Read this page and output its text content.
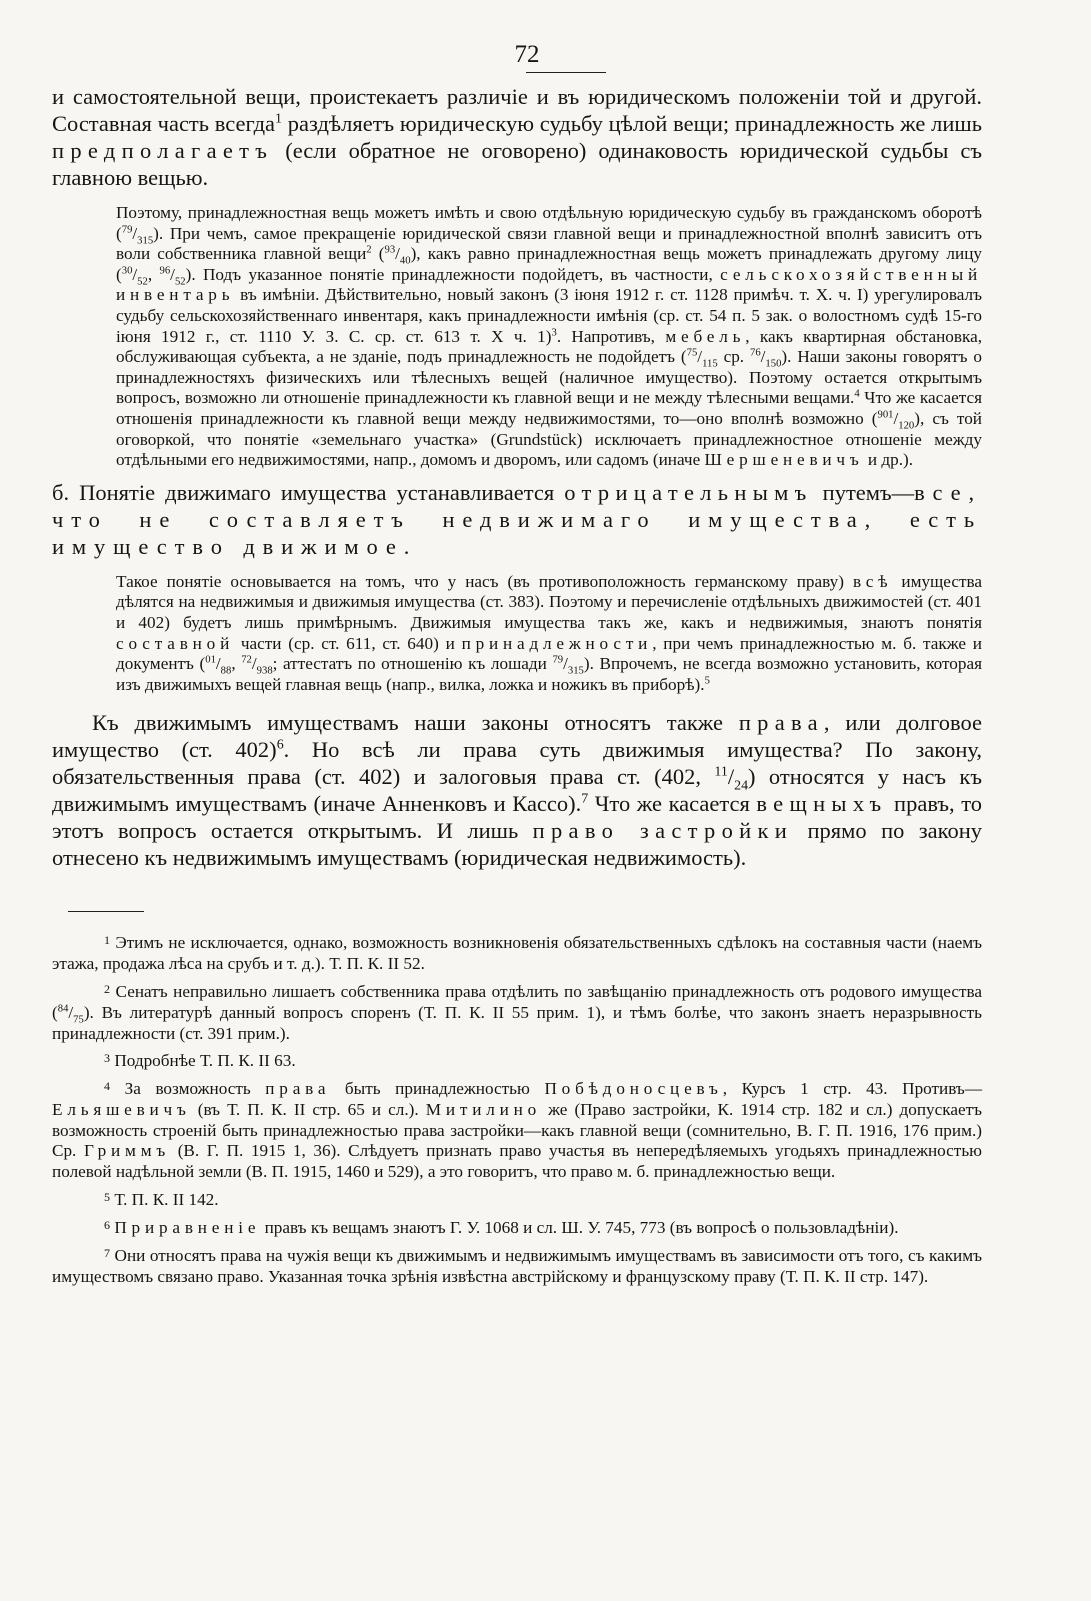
72

и самостоятельной вещи, проистекаетъ различіе и въ юридическомъ положеніи той и другой. Составная часть всегда$^1$ раздѣляетъ юридическую судьбу цѣлой вещи; принадлежность же лишь предполагаетъ (если обратное не оговорено) одинаковость юридической судьбы съ главною вещью.

Поэтому, принадлежностная вещь можетъ имѣть и свою отдѣльную юридическую судьбу въ гражданскомъ оборотѣ $(^{79}/_{315})$. При чемъ, самое прекращеніе юридической связи главной вещи и принадлежностной вполнѣ зависитъ отъ воли собственника главной вещи$^2$ $(^{93}/_{40})$, какъ равно принадлежностная вещь можетъ принадлежать другому лицу ($^{30}/_{52}$, $^{96}/_{52}$). Подъ указанное понятіе принадлежности подойдетъ, въ частности, сельскохозяйственный инвентарь въ имѣніи. Дѣйствительно, новый законъ (3 іюня 1912 г. ст. 1128 примѣч. т. X. ч. I) урегулировалъ судьбу сельскохозяйственнаго инвентаря, какъ принадлежности имѣнія (ср. ст. 54 п. 5 зак. о волостномъ судѣ 15-го іюня 1912 г., ст. 1110 У. З. С. ср. ст. 613 т. X ч. 1)$^3$. Напротивъ, мебель, какъ квартирная обстановка, обслуживающая субъекта, а не зданіе, подъ принадлежность не подойдетъ ($^{75}/_{115}$ ср. $^{76}/_{150}$). Наши законы говорятъ о принадлежностяхъ физическихъ или тѣлесныхъ вещей (наличное имущество). Поэтому остается открытымъ вопросъ, возможно ли отношеніе принадлежности къ главной вещи и не между тѣлесными вещами.$^4$ Что же касается отношенія принадлежности къ главной вещи между недвижимостями, то—оно вполнѣ возможно $(^{901}/_{120})$, съ той оговоркой, что понятіе «земельнаго участка» (Grundstück) исключаетъ принадлежностное отношеніе между отдѣльными его недвижимостями, напр., домомъ и дворомъ, или садомъ (иначе Шершеневичъ и др.).

б. Понятіе движимаго имущества устанавливается отрицательнымъ путемъ—все, что не составляетъ недвижимаго имущества, есть имущество движимое.

Такое понятіе основывается на томъ, что у насъ (въ противоположность германскому праву) всѣ имущества дѣлятся на недвижимыя и движимыя имущества (ст. 383). Поэтому и перечисленіе отдѣльныхъ движимостей (ст. 401 и 402) будетъ лишь примѣрнымъ. Движимыя имущества такъ же, какъ и недвижимыя, знаютъ понятія составной части (ср. ст. 611, ст. 640) и принадлежности, при чемъ принадлежностью м. б. также и документъ ($^{01}/_{88}$, $^{72}/_{938}$; аттестатъ по отношенію къ лошади $^{79}/_{315}$). Впрочемъ, не всегда возможно установить, которая изъ движимыхъ вещей главная вещь (напр., вилка, ложка и ножикъ въ приборѣ).$^5$

Къ движимымъ имуществамъ наши законы относятъ также права, или долговое имущество (ст. 402)$^6$. Но всѣ ли права суть движимыя имущества? По закону, обязательственныя права (ст. 402) и залоговыя права ст. (402, $^{11}/_{24}$) относятся у насъ къ движимымъ имуществамъ (иначе Анненковъ и Кассо).$^7$ Что же касается вещныхъ правъ, то этотъ вопросъ остается открытымъ. И лишь право застройки прямо по закону отнесено къ недвижимымъ имуществамъ (юридическая недвижимость).

$^1$ Этимъ не исключается, однако, возможность возникновенія обязательственныхъ сдѣлокъ на составныя части (наемъ этажа, продажа лѣса на срубъ и т. д.). Т. П. К. II 52.

$^2$ Сенатъ неправильно лишаетъ собственника права отдѣлить по завѣщанію принадлежность отъ родового имущества $(^{84}/_{75})$. Въ литературѣ данный вопросъ споренъ (Т. П. К. II 55 прим. 1), и тѣмъ болѣе, что законъ знаетъ неразрывность принадлежности (ст. 391 прим.).

$^3$ Подробнѣе Т. П. К. II 63.

$^4$ За возможность права быть принадлежностью Побѣдоносцевъ, Курсъ 1 стр. 43. Противъ—Ельяшевичъ (въ Т. П. К. II стр. 65 и сл.). Митилино же (Право застройки, К. 1914 стр. 182 и сл.) допускаетъ возможность строеній быть принадлежностью права застройки—какъ главной вещи (сомнительно, В. Г. П. 1916, 176 прим.) Ср. Гриммъ (В. Г. П. 1915 1, 36). Слѣдуетъ признать право участья въ непередѣляемыхъ угодьяхъ принадлежностью полевой надѣльной земли (В. П. 1915, 1460 и 529), а это говоритъ, что право м. б. принадлежностью вещи.

$^5$ Т. П. К. II 142.

$^6$ Приравненіе правъ къ вещамъ знаютъ Г. У. 1068 и сл. Ш. У. 745, 773 (въ вопросѣ о пользовладѣніи).

$^7$ Они относятъ права на чужія вещи къ движимымъ и недвижимымъ имуществамъ въ зависимости отъ того, съ какимъ имуществомъ связано право. Указанная точка зрѣнія извѣстна австрійскому и французскому праву (Т. П. К. II стр. 147).
